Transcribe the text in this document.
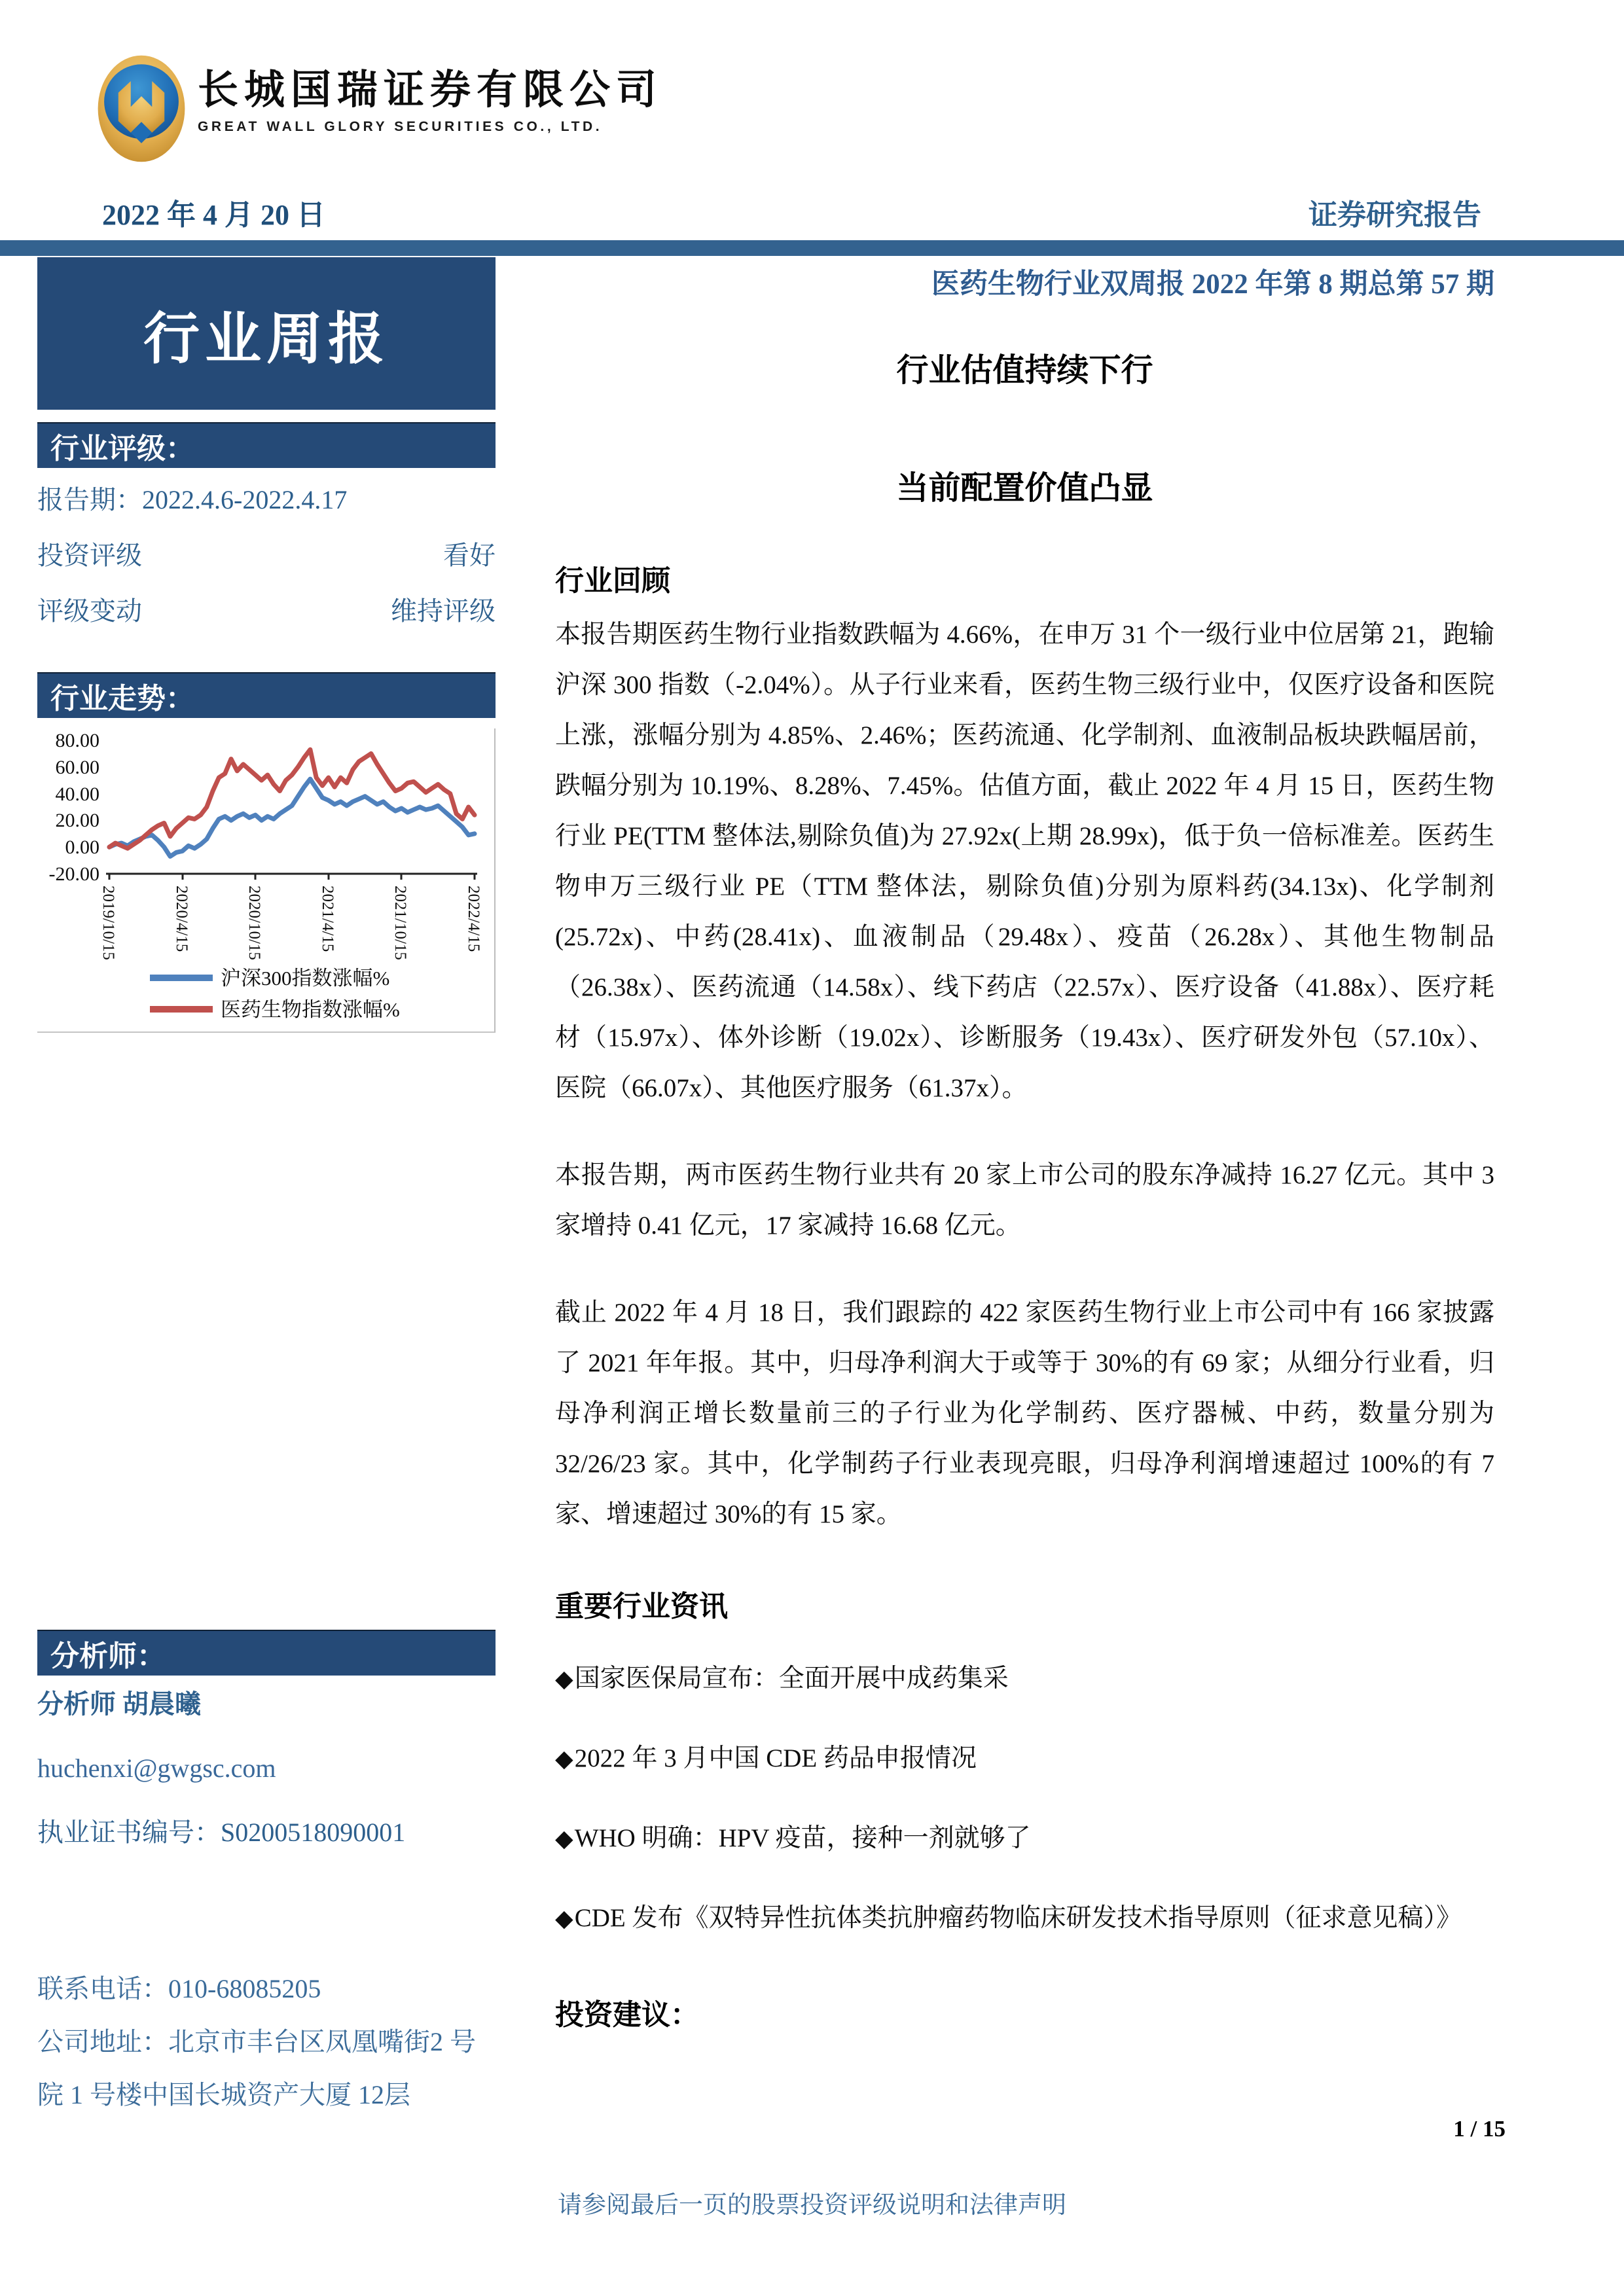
长城国瑞证券有限公司
GREAT WALL GLORY SECURITIES CO., LTD.
2022 年 4 月 20 日	证券研究报告
行业周报
行业评级：
报告期： 2022.4.6-2022.4.17
投资评级	看好
评级变动	维持评级
行业走势：
80.00
60.00
40.00
20.00
0.00
-20.00
2019/10/15	2020/4/15	2020/10/15	2021/4/15	2021/10/15	2022/4/15
沪深300指数涨幅%
医药生物指数涨幅%
分析师：
分析师 胡晨曦
huchenxi@gwgsc.com
执业证书编号：S0200518090001
联系电话：010-68085205
公司地址：北京市丰台区凤凰嘴街2 号院 1 号楼中国长城资产大厦 12层
医药生物行业双周报 2022 年第 8 期总第 57 期
行业估值持续下行
当前配置价值凸显
行业回顾

本报告期医药生物行业指数跌幅为 4.66%，在申万 31 个一级行业中位居第 21，跑输沪深 300 指数（-2.04%）。从子行业来看，医药生物三级行业中，仅医疗设备和医院上涨，涨幅分别为 4.85%、2.46%；医药流通、化学制剂、血液制品板块跌幅居前，跌幅分别为 10.19%、8.28%、7.45%。估值方面，截止 2022 年 4 月 15 日，医药生物行业 PE(TTM 整体法,剔除负值)为 27.92x(上期 28.99x)，低于负一倍标准差。医药生物申万三级行业 PE（TTM 整体法，剔除负值)分别为原料药(34.13x)、化学制剂(25.72x)、中药(28.41x)、血液制品（29.48x）、疫苗（26.28x）、其他生物制品（26.38x）、医药流通（14.58x）、线下药店（22.57x）、医疗设备（41.88x）、医疗耗材（15.97x）、体外诊断（19.02x）、诊断服务（19.43x）、医疗研发外包（57.10x）、医院（66.07x）、其他医疗服务（61.37x）。

本报告期，两市医药生物行业共有 20 家上市公司的股东净减持 16.27 亿元。其中 3 家增持 0.41 亿元，17 家减持 16.68 亿元。

截止 2022 年 4 月 18 日，我们跟踪的 422 家医药生物行业上市公司中有 166 家披露了 2021 年年报。其中，归母净利润大于或等于 30%的有 69 家；从细分行业看，归母净利润正增长数量前三的子行业为化学制药、医疗器械、中药，数量分别为 32/26/23 家。其中，化学制药子行业表现亮眼，归母净利润增速超过 100%的有 7 家、增速超过 30%的有 15 家。

重要行业资讯
◆国家医保局宣布：全面开展中成药集采
◆2022 年 3 月中国 CDE 药品申报情况
◆WHO 明确：HPV 疫苗，接种一剂就够了
◆CDE 发布《双特异性抗体类抗肿瘤药物临床研发技术指导原则（征求意见稿）》
投资建议：
1 / 15
请参阅最后一页的股票投资评级说明和法律声明
